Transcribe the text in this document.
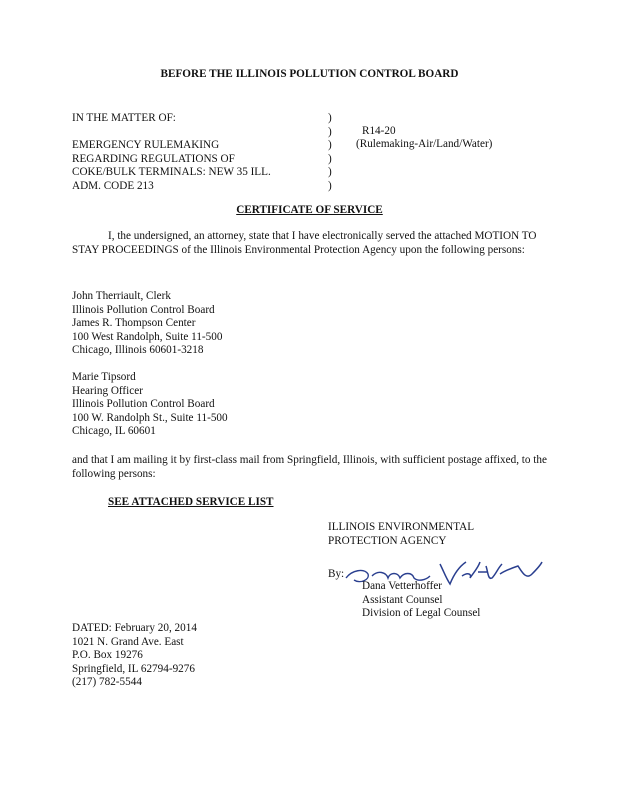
BEFORE THE ILLINOIS POLLUTION CONTROL BOARD
IN THE MATTER OF:
EMERGENCY RULEMAKING
REGARDING REGULATIONS OF
COKE/BULK TERMINALS: NEW 35 ILL.
ADM. CODE 213
)
)
)
)
)
)
R14-20
(Rulemaking-Air/Land/Water)
CERTIFICATE OF SERVICE
I, the undersigned, an attorney, state that I have electronically served the attached MOTION TO STAY PROCEEDINGS of the Illinois Environmental Protection Agency upon the following persons:
John Therriault, Clerk
Illinois Pollution Control Board
James R. Thompson Center
100 West Randolph, Suite 11-500
Chicago, Illinois 60601-3218
Marie Tipsord
Hearing Officer
Illinois Pollution Control Board
100 W. Randolph St., Suite 11-500
Chicago, IL 60601
and that I am mailing it by first-class mail from Springfield, Illinois, with sufficient postage affixed, to the following persons:
SEE ATTACHED SERVICE LIST
ILLINOIS ENVIRONMENTAL
PROTECTION AGENCY
By:
Dana Vetterhoffer
Dana Vetterhoffer
Assistant Counsel
Division of Legal Counsel
DATED: February 20, 2014
1021 N. Grand Ave. East
P.O. Box 19276
Springfield, IL 62794-9276
(217) 782-5544
